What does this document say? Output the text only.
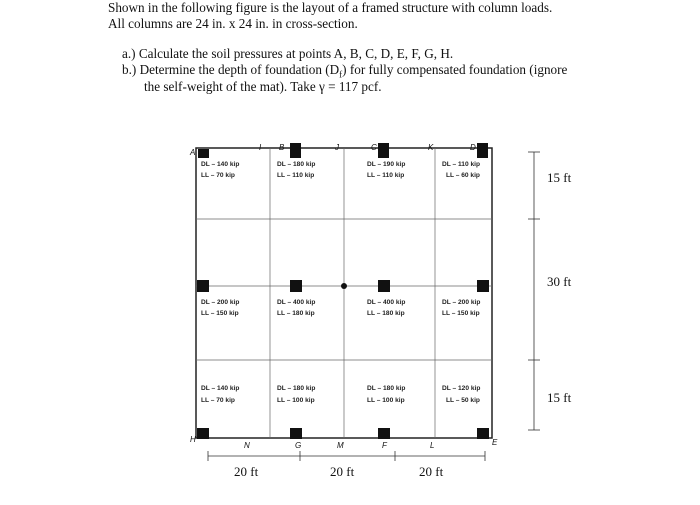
Shown in the following figure is the layout of a framed structure with column loads.
All columns are 24 in. x 24 in. in cross-section.
a.) Calculate the soil pressures at points A, B, C, D, E, F, G, H.
b.) Determine the depth of foundation $(D_f)$ for fully compensated foundation (ignore
the self-weight of the mat). Take γ = 117 pcf.
A
I B	J	C	K	D
H
N	G	M	F	L	E
DL – 140 kip
LL – 70 kip
DL – 180 kip
LL – 110 kip
DL – 190 kip
LL – 110 kip
DL – 110 kip
LL – 60 kip
DL – 200 kip
LL – 150 kip
DL – 400 kip
LL – 180 kip
DL – 400 kip
LL – 180 kip
DL – 200 kip
LL – 150 kip
DL – 140 kip
LL – 70 kip
DL – 180 kip
LL – 100 kip
DL – 180 kip
LL – 100 kip
DL – 120 kip
LL – 50 kip
20 ft	20 ft	20 ft
15 ft
30 ft
15 ft
